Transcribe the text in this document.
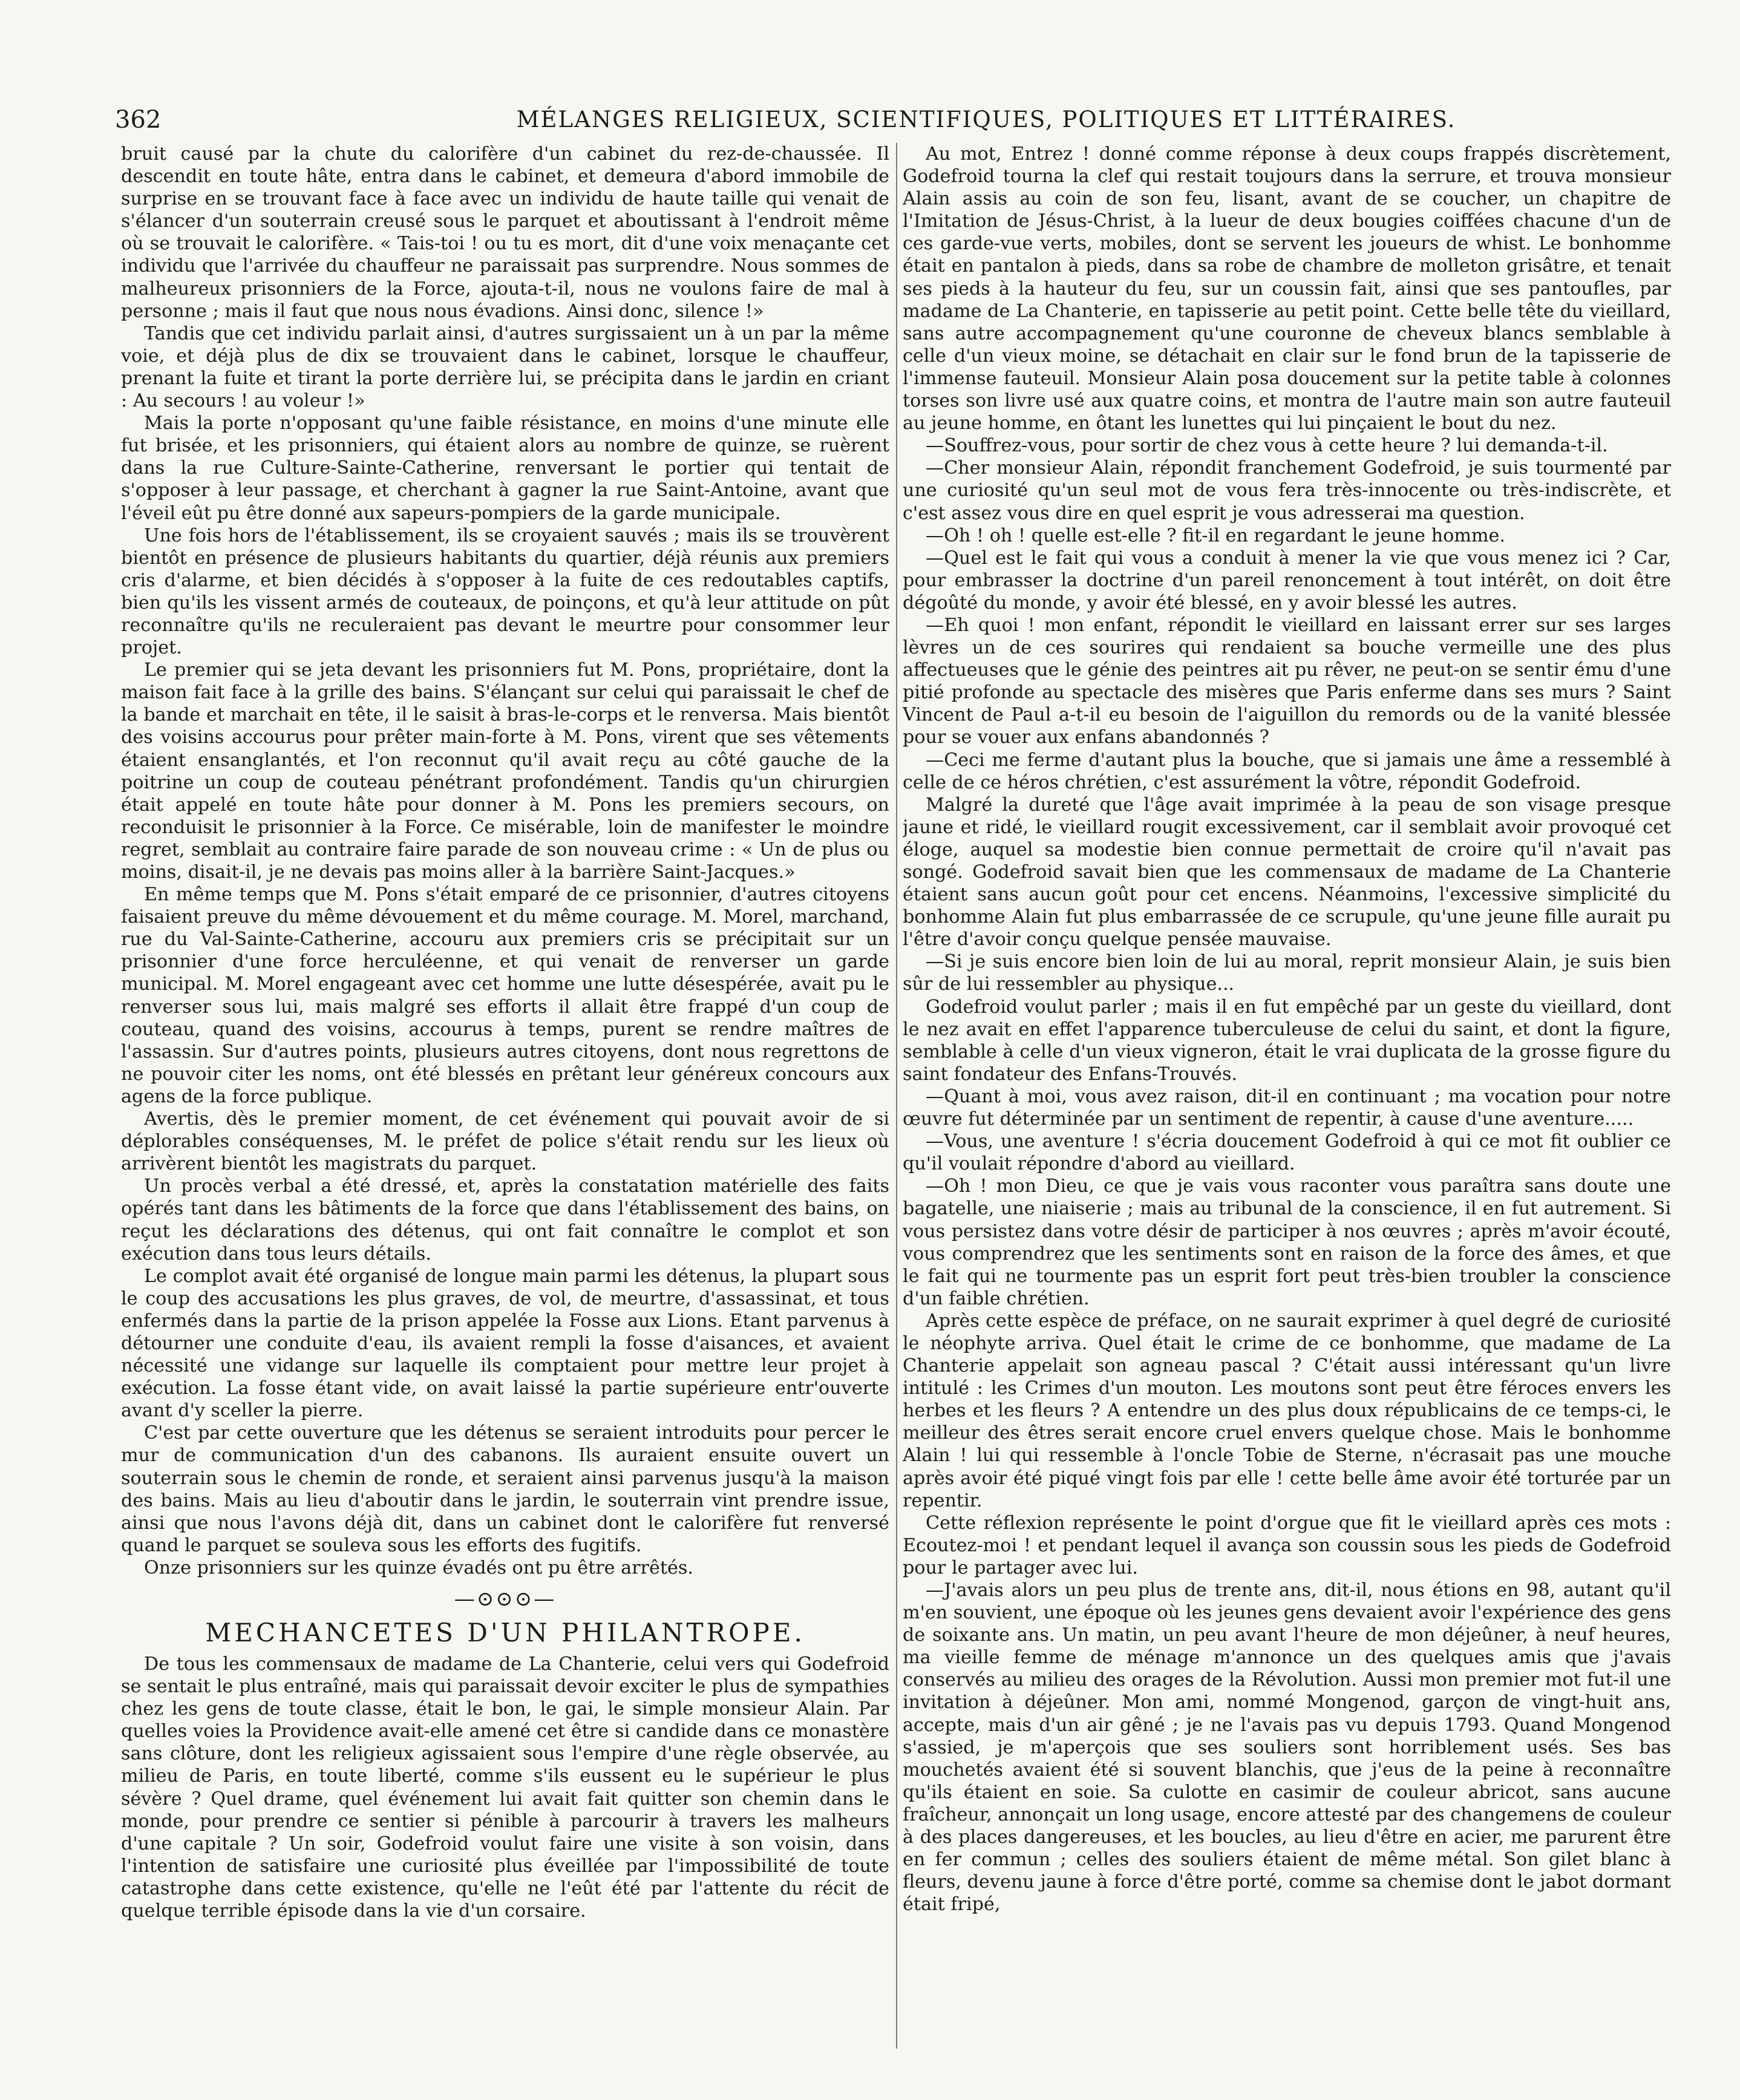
362	MÉLANGES RELIGIEUX, SCIENTIFIQUES, POLITIQUES ET LITTÉRAIRES.

bruit causé par la chute du calorifère d'un cabinet du rez-de-chaussée. Il descendit en toute hâte, entra dans le cabinet, et demeura d'abord immobile de surprise en se trouvant face à face avec un individu de haute taille qui venait de s'élancer d'un souterrain creusé sous le parquet et aboutissant à l'endroit même où se trouvait le calorifère. « Tais-toi ! ou tu es mort, dit d'une voix menaçante cet individu que l'arrivée du chauffeur ne paraissait pas surprendre. Nous sommes de malheureux prisonniers de la Force, ajouta-t-il, nous ne voulons faire de mal à personne ; mais il faut que nous nous évadions. Ainsi donc, silence !»

Tandis que cet individu parlait ainsi, d'autres surgissaient un à un par la même voie, et déjà plus de dix se trouvaient dans le cabinet, lorsque le chauffeur, prenant la fuite et tirant la porte derrière lui, se précipita dans le jardin en criant : Au secours ! au voleur !»

Mais la porte n'opposant qu'une faible résistance, en moins d'une minute elle fut brisée, et les prisonniers, qui étaient alors au nombre de quinze, se ruèrent dans la rue Culture-Sainte-Catherine, renversant le portier qui tentait de s'opposer à leur passage, et cherchant à gagner la rue Saint-Antoine, avant que l'éveil eût pu être donné aux sapeurs-pompiers de la garde municipale.

Une fois hors de l'établissement, ils se croyaient sauvés ; mais ils se trouvèrent bientôt en présence de plusieurs habitants du quartier, déjà réunis aux premiers cris d'alarme, et bien décidés à s'opposer à la fuite de ces redoutables captifs, bien qu'ils les vissent armés de couteaux, de poinçons, et qu'à leur attitude on pût reconnaître qu'ils ne reculeraient pas devant le meurtre pour consommer leur projet.

Le premier qui se jeta devant les prisonniers fut M. Pons, propriétaire, dont la maison fait face à la grille des bains. S'élançant sur celui qui paraissait le chef de la bande et marchait en tête, il le saisit à bras-le-corps et le renversa. Mais bientôt des voisins accourus pour prêter main-forte à M. Pons, virent que ses vêtements étaient ensanglantés, et l'on reconnut qu'il avait reçu au côté gauche de la poitrine un coup de couteau pénétrant profondément. Tandis qu'un chirurgien était appelé en toute hâte pour donner à M. Pons les premiers secours, on reconduisit le prisonnier à la Force. Ce misérable, loin de manifester le moindre regret, semblait au contraire faire parade de son nouveau crime : « Un de plus ou moins, disait-il, je ne devais pas moins aller à la barrière Saint-Jacques.»

En même temps que M. Pons s'était emparé de ce prisonnier, d'autres citoyens faisaient preuve du même dévouement et du même courage. M. Morel, marchand, rue du Val-Sainte-Catherine, accouru aux premiers cris se précipitait sur un prisonnier d'une force herculéenne, et qui venait de renverser un garde municipal. M. Morel engageant avec cet homme une lutte désespérée, avait pu le renverser sous lui, mais malgré ses efforts il allait être frappé d'un coup de couteau, quand des voisins, accourus à temps, purent se rendre maîtres de l'assassin. Sur d'autres points, plusieurs autres citoyens, dont nous regrettons de ne pouvoir citer les noms, ont été blessés en prêtant leur généreux concours aux agens de la force publique.

Avertis, dès le premier moment, de cet événement qui pouvait avoir de si déplorables conséquenses, M. le préfet de police s'était rendu sur les lieux où arrivèrent bientôt les magistrats du parquet.

Un procès verbal a été dressé, et, après la constatation matérielle des faits opérés tant dans les bâtiments de la force que dans l'établissement des bains, on reçut les déclarations des détenus, qui ont fait connaître le complot et son exécution dans tous leurs détails.

Le complot avait été organisé de longue main parmi les détenus, la plupart sous le coup des accusations les plus graves, de vol, de meurtre, d'assassinat, et tous enfermés dans la partie de la prison appelée la Fosse aux Lions. Etant parvenus à détourner une conduite d'eau, ils avaient rempli la fosse d'aisances, et avaient nécessité une vidange sur laquelle ils comptaient pour mettre leur projet à exécution. La fosse étant vide, on avait laissé la partie supérieure entr'ouverte avant d'y sceller la pierre.

C'est par cette ouverture que les détenus se seraient introduits pour percer le mur de communication d'un des cabanons. Ils auraient ensuite ouvert un souterrain sous le chemin de ronde, et seraient ainsi parvenus jusqu'à la maison des bains. Mais au lieu d'aboutir dans le jardin, le souterrain vint prendre issue, ainsi que nous l'avons déjà dit, dans un cabinet dont le calorifère fut renversé quand le parquet se souleva sous les efforts des fugitifs.

Onze prisonniers sur les quinze évadés ont pu être arrêtés.

—⊙⊙⊙—
MECHANCETES D'UN PHILANTROPE.

De tous les commensaux de madame de La Chanterie, celui vers qui Godefroid se sentait le plus entraîné, mais qui paraissait devoir exciter le plus de sympathies chez les gens de toute classe, était le bon, le gai, le simple monsieur Alain. Par quelles voies la Providence avait-elle amené cet être si candide dans ce monastère sans clôture, dont les religieux agissaient sous l'empire d'une règle observée, au milieu de Paris, en toute liberté, comme s'ils eussent eu le supérieur le plus sévère ? Quel drame, quel événement lui avait fait quitter son chemin dans le monde, pour prendre ce sentier si pénible à parcourir à travers les malheurs d'une capitale ? Un soir, Godefroid voulut faire une visite à son voisin, dans l'intention de satisfaire une curiosité plus éveillée par l'impossibilité de toute catastrophe dans cette existence, qu'elle ne l'eût été par l'attente du récit de quelque terrible épisode dans la vie d'un corsaire.

Au mot, Entrez ! donné comme réponse à deux coups frappés discrètement, Godefroid tourna la clef qui restait toujours dans la serrure, et trouva monsieur Alain assis au coin de son feu, lisant, avant de se coucher, un chapitre de l'Imitation de Jésus-Christ, à la lueur de deux bougies coiffées chacune d'un de ces garde-vue verts, mobiles, dont se servent les joueurs de whist. Le bonhomme était en pantalon à pieds, dans sa robe de chambre de molleton grisâtre, et tenait ses pieds à la hauteur du feu, sur un coussin fait, ainsi que ses pantoufles, par madame de La Chanterie, en tapisserie au petit point. Cette belle tête du vieillard, sans autre accompagnement qu'une couronne de cheveux blancs semblable à celle d'un vieux moine, se détachait en clair sur le fond brun de la tapisserie de l'immense fauteuil. Monsieur Alain posa doucement sur la petite table à colonnes torses son livre usé aux quatre coins, et montra de l'autre main son autre fauteuil au jeune homme, en ôtant les lunettes qui lui pinçaient le bout du nez.

—Souffrez-vous, pour sortir de chez vous à cette heure ? lui demanda-t-il.

—Cher monsieur Alain, répondit franchement Godefroid, je suis tourmenté par une curiosité qu'un seul mot de vous fera très-innocente ou très-indiscrète, et c'est assez vous dire en quel esprit je vous adresserai ma question.

—Oh ! oh ! quelle est-elle ? fit-il en regardant le jeune homme.

—Quel est le fait qui vous a conduit à mener la vie que vous menez ici ? Car, pour embrasser la doctrine d'un pareil renoncement à tout intérêt, on doit être dégoûté du monde, y avoir été blessé, en y avoir blessé les autres.

—Eh quoi ! mon enfant, répondit le vieillard en laissant errer sur ses larges lèvres un de ces sourires qui rendaient sa bouche vermeille une des plus affectueuses que le génie des peintres ait pu rêver, ne peut-on se sentir ému d'une pitié profonde au spectacle des misères que Paris enferme dans ses murs ? Saint Vincent de Paul a-t-il eu besoin de l'aiguillon du remords ou de la vanité blessée pour se vouer aux enfans abandonnés ?

—Ceci me ferme d'autant plus la bouche, que si jamais une âme a ressemblé à celle de ce héros chrétien, c'est assurément la vôtre, répondit Godefroid.

Malgré la dureté que l'âge avait imprimée à la peau de son visage presque jaune et ridé, le vieillard rougit excessivement, car il semblait avoir provoqué cet éloge, auquel sa modestie bien connue permettait de croire qu'il n'avait pas songé. Godefroid savait bien que les commensaux de madame de La Chanterie étaient sans aucun goût pour cet encens. Néanmoins, l'excessive simplicité du bonhomme Alain fut plus embarrassée de ce scrupule, qu'une jeune fille aurait pu l'être d'avoir conçu quelque pensée mauvaise.

—Si je suis encore bien loin de lui au moral, reprit monsieur Alain, je suis bien sûr de lui ressembler au physique...

Godefroid voulut parler ; mais il en fut empêché par un geste du vieillard, dont le nez avait en effet l'apparence tuberculeuse de celui du saint, et dont la figure, semblable à celle d'un vieux vigneron, était le vrai duplicata de la grosse figure du saint fondateur des Enfans-Trouvés.

—Quant à moi, vous avez raison, dit-il en continuant ; ma vocation pour notre œuvre fut déterminée par un sentiment de repentir, à cause d'une aventure.....

—Vous, une aventure ! s'écria doucement Godefroid à qui ce mot fit oublier ce qu'il voulait répondre d'abord au vieillard.

—Oh ! mon Dieu, ce que je vais vous raconter vous paraîtra sans doute une bagatelle, une niaiserie ; mais au tribunal de la conscience, il en fut autrement. Si vous persistez dans votre désir de participer à nos œuvres ; après m'avoir écouté, vous comprendrez que les sentiments sont en raison de la force des âmes, et que le fait qui ne tourmente pas un esprit fort peut très-bien troubler la conscience d'un faible chrétien.

Après cette espèce de préface, on ne saurait exprimer à quel degré de curiosité le néophyte arriva. Quel était le crime de ce bonhomme, que madame de La Chanterie appelait son agneau pascal ? C'était aussi intéressant qu'un livre intitulé : les Crimes d'un mouton. Les moutons sont peut être féroces envers les herbes et les fleurs ? A entendre un des plus doux républicains de ce temps-ci, le meilleur des êtres serait encore cruel envers quelque chose. Mais le bonhomme Alain ! lui qui ressemble à l'oncle Tobie de Sterne, n'écrasait pas une mouche après avoir été piqué vingt fois par elle ! cette belle âme avoir été torturée par un repentir.

Cette réflexion représente le point d'orgue que fit le vieillard après ces mots : Ecoutez-moi ! et pendant lequel il avança son coussin sous les pieds de Godefroid pour le partager avec lui.

—J'avais alors un peu plus de trente ans, dit-il, nous étions en 98, autant qu'il m'en souvient, une époque où les jeunes gens devaient avoir l'expérience des gens de soixante ans. Un matin, un peu avant l'heure de mon déjeûner, à neuf heures, ma vieille femme de ménage m'annonce un des quelques amis que j'avais conservés au milieu des orages de la Révolution. Aussi mon premier mot fut-il une invitation à déjeûner. Mon ami, nommé Mongenod, garçon de vingt-huit ans, accepte, mais d'un air gêné ; je ne l'avais pas vu depuis 1793. Quand Mongenod s'assied, je m'aperçois que ses souliers sont horriblement usés. Ses bas mouchetés avaient été si souvent blanchis, que j'eus de la peine à reconnaître qu'ils étaient en soie. Sa culotte en casimir de couleur abricot, sans aucune fraîcheur, annonçait un long usage, encore attesté par des changemens de couleur à des places dangereuses, et les boucles, au lieu d'être en acier, me parurent être en fer commun ; celles des souliers étaient de même métal. Son gilet blanc à fleurs, devenu jaune à force d'être porté, comme sa chemise dont le jabot dormant était fripé,
